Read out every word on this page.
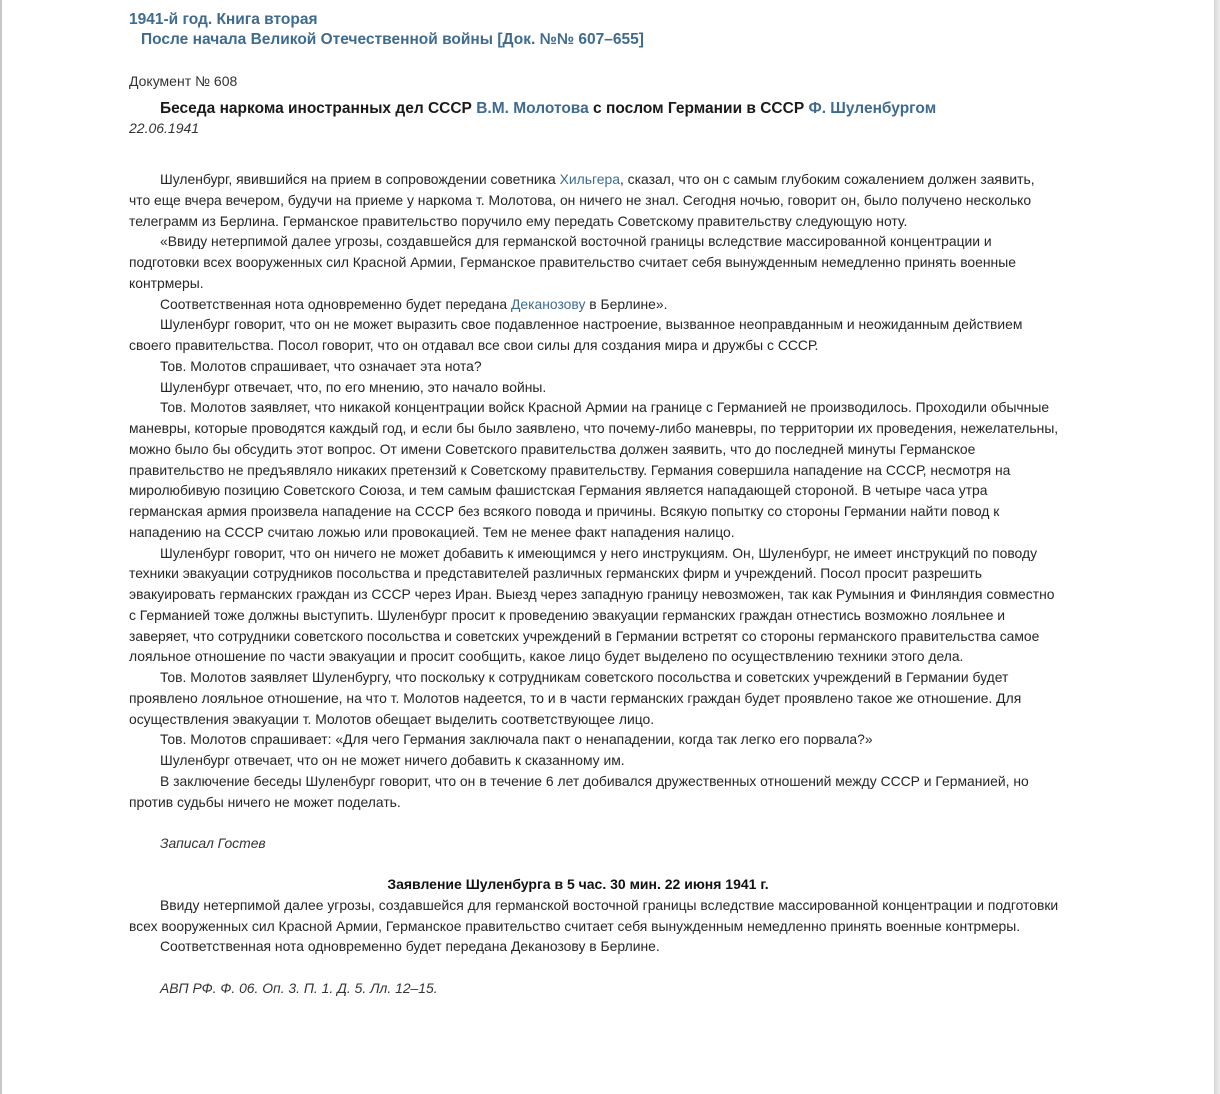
1941-й год. Книга вторая
После начала Великой Отечественной войны [Док. №№ 607–655]
Документ № 608
Беседа наркома иностранных дел СССР В.М. Молотова с послом Германии в СССР Ф. Шуленбургом
22.06.1941

Шуленбург, явившийся на прием в сопровождении советника Хильгера, сказал, что он с самым глубоким сожалением должен заявить, что еще вчера вечером, будучи на приеме у наркома т. Молотова, он ничего не знал. Сегодня ночью, говорит он, было получено несколько телеграмм из Берлина. Германское правительство поручило ему передать Советскому правительству следующую ноту.

«Ввиду нетерпимой далее угрозы, создавшейся для германской восточной границы вследствие массированной концентрации и подготовки всех вооруженных сил Красной Армии, Германское правительство считает себя вынужденным немедленно принять военные контрмеры.

Соответственная нота одновременно будет передана Деканозову в Берлине».

Шуленбург говорит, что он не может выразить свое подавленное настроение, вызванное неоправданным и неожиданным действием своего правительства. Посол говорит, что он отдавал все свои силы для создания мира и дружбы с СССР.

Тов. Молотов спрашивает, что означает эта нота?

Шуленбург отвечает, что, по его мнению, это начало войны.

Тов. Молотов заявляет, что никакой концентрации войск Красной Армии на границе с Германией не производилось. Проходили обычные маневры, которые проводятся каждый год, и если бы было заявлено, что почему-либо маневры, по территории их проведения, нежелательны, можно было бы обсудить этот вопрос. От имени Советского правительства должен заявить, что до последней минуты Германское правительство не предъявляло никаких претензий к Советскому правительству. Германия совершила нападение на СССР, несмотря на миролюбивую позицию Советского Союза, и тем самым фашистская Германия является нападающей стороной. В четыре часа утра германская армия произвела нападение на СССР без всякого повода и причины. Всякую попытку со стороны Германии найти повод к нападению на СССР считаю ложью или провокацией. Тем не менее факт нападения налицо.

Шуленбург говорит, что он ничего не может добавить к имеющимся у него инструкциям. Он, Шуленбург, не имеет инструкций по поводу техники эвакуации сотрудников посольства и представителей различных германских фирм и учреждений. Посол просит разрешить эвакуировать германских граждан из СССР через Иран. Выезд через западную границу невозможен, так как Румыния и Финляндия совместно с Германией тоже должны выступить. Шуленбург просит к проведению эвакуации германских граждан отнестись возможно лояльнее и заверяет, что сотрудники советского посольства и советских учреждений в Германии встретят со стороны германского правительства самое лояльное отношение по части эвакуации и просит сообщить, какое лицо будет выделено по осуществлению техники этого дела.

Тов. Молотов заявляет Шуленбургу, что поскольку к сотрудникам советского посольства и советских учреждений в Германии будет проявлено лояльное отношение, на что т. Молотов надеется, то и в части германских граждан будет проявлено такое же отношение. Для осуществления эвакуации т. Молотов обещает выделить соответствующее лицо.

Тов. Молотов спрашивает: «Для чего Германия заключала пакт о ненападении, когда так легко его порвала?»

Шуленбург отвечает, что он не может ничего добавить к сказанному им.

В заключение беседы Шуленбург говорит, что он в течение 6 лет добивался дружественных отношений между СССР и Германией, но против судьбы ничего не может поделать.

Записал Гостев
Заявление Шуленбурга в 5 час. 30 мин. 22 июня 1941 г.

Ввиду нетерпимой далее угрозы, создавшейся для германской восточной границы вследствие массированной концентрации и подготовки всех вооруженных сил Красной Армии, Германское правительство считает себя вынужденным немедленно принять военные контрмеры.

Соответственная нота одновременно будет передана Деканозову в Берлине.

АВП РФ. Ф. 06. Оп. 3. П. 1. Д. 5. Лл. 12–15.
